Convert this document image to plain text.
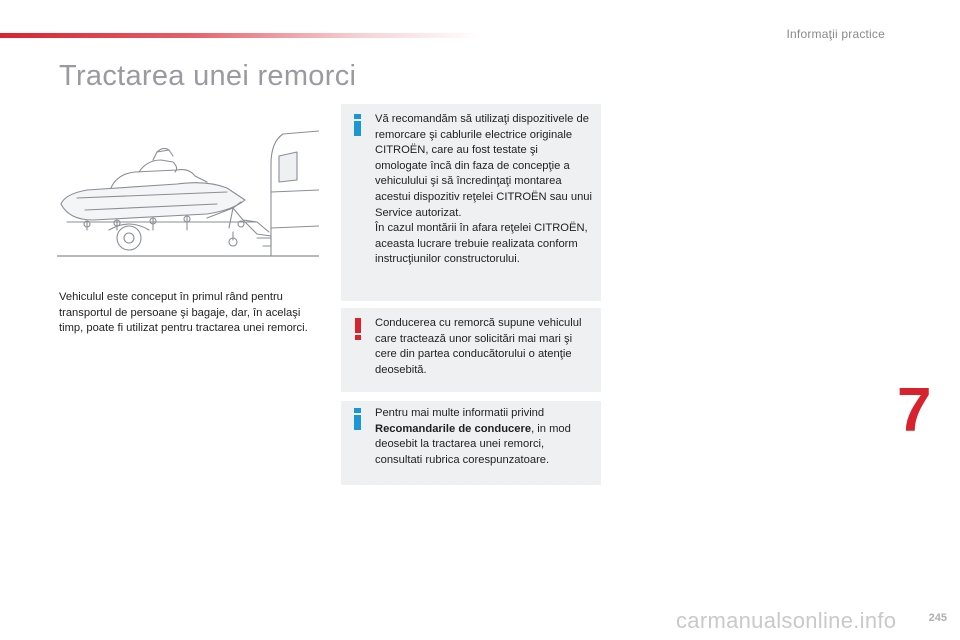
Informaţii practice
Tractarea unei remorci
Vehiculul este conceput în primul rând pentru transportul de persoane şi bagaje, dar, în acelaşi timp, poate fi utilizat pentru tractarea unei remorci.

Vă recomandăm să utilizaţi dispozitivele de remorcare şi cablurile electrice originale CITROËN, care au fost testate şi omologate încă din faza de concepţie a vehiculului şi să încredinţaţi montarea acestui dispozitiv reţelei CITROËN sau unui Service autorizat.

În cazul montării în afara reţelei CITROËN, aceasta lucrare trebuie realizata conform instrucţiunilor constructorului.

Conducerea cu remorcă supune vehiculul care tractează unor solicitări mai mari şi cere din partea conducătorului o atenţie deosebită.

Pentru mai multe informatii privind
Recomandarile de conducere, in mod deosebit la tractarea unei remorci, consultati rubrica corespunzatoare.

7
245
carmanualsonline.info
